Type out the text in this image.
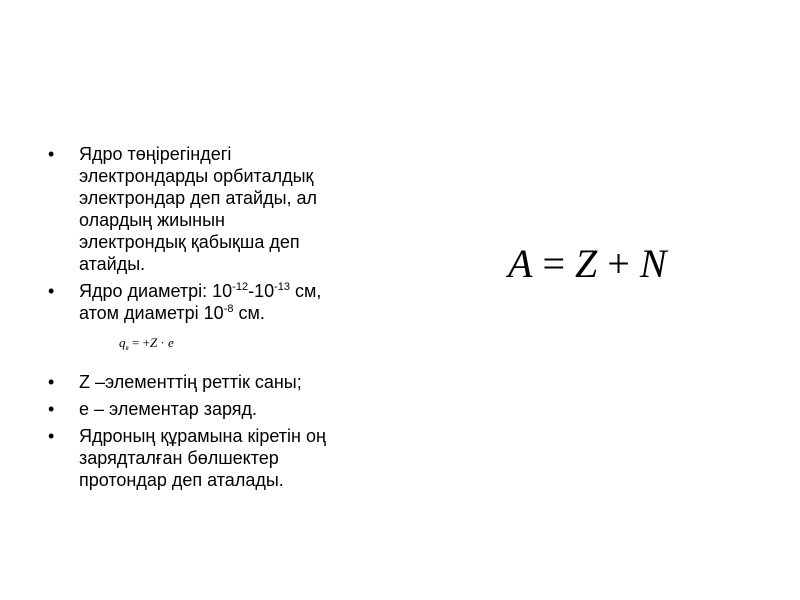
• Ядро төңірегіндегі
электрондарды орбиталдық
электрондар деп атайды, ал
олардың жиынын
электрондық қабықша деп
атайды.
• Ядро диаметрі: $10^{-12}-10^{-13}$ см,
атом диаметрі $10^{-8}$ см.
$q_я = +Z \cdot e$
• Z –элементтің реттік саны;
• e – элементар заряд.
• Ядроның құрамына кіретін оң
зарядталған бөлшектер
протондар деп аталады.
A = Z + N
